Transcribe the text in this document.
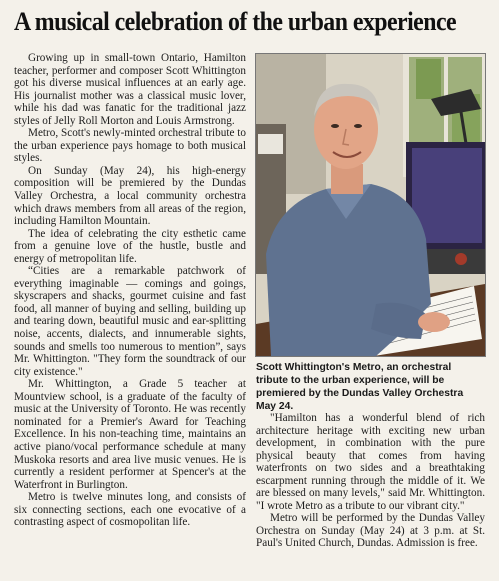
A musical celebration of the urban experience

Growing up in small-town Ontario, Hamilton teacher, performer and composer Scott Whittington got his diverse musical influences at an early age. His journalist mother was a classical music lover, while his dad was fanatic for the traditional jazz styles of Jelly Roll Morton and Louis Armstrong.

Metro, Scott's newly-minted orchestral tribute to the urban experience pays homage to both musical styles.

On Sunday (May 24), his high-energy composition will be premiered by the Dundas Valley Orchestra, a local community orchestra which draws members from all areas of the region, including Hamilton Mountain.

The idea of celebrating the city esthetic came from a genuine love of the hustle, bustle and energy of metropolitan life.

“Cities are a remarkable patchwork of everything imaginable — comings and goings, skyscrapers and shacks, gourmet cuisine and fast food, all manner of buying and selling, building up and tearing down, beautiful music and ear-splitting noise, accents, dialects, and innumerable sights, sounds and smells too numerous to mention”, says Mr. Whittington. "They form the soundtrack of our city existence."

Mr. Whittington, a Grade 5 teacher at Mountview school, is a graduate of the faculty of music at the University of Toronto. He was recently nominated for a Premier's Award for Teaching Excellence. In his non-teaching time, maintains an active piano/vocal performance schedule at many Muskoka resorts and area live music venues. He is currently a resident performer at Spencer's at the Waterfront in Burlington.

Metro is twelve minutes long, and consists of six connecting sections, each one evocative of a contrasting aspect of cosmopolitan life.

Scott Whittington's Metro, an orchestral tribute to the urban experience, will be premiered by the Dundas Valley Orchestra May 24.

"Hamilton has a wonderful blend of rich architecture heritage with exciting new urban development, in combination with the pure physical beauty that comes from having waterfronts on two sides and a breathtaking escarpment running through the middle of it. We are blessed on many levels," said Mr. Whittington. "I wrote Metro as a tribute to our vibrant city."

Metro will be performed by the Dundas Valley Orchestra on Sunday (May 24) at 3 p.m. at St. Paul's United Church, Dundas. Admission is free.
